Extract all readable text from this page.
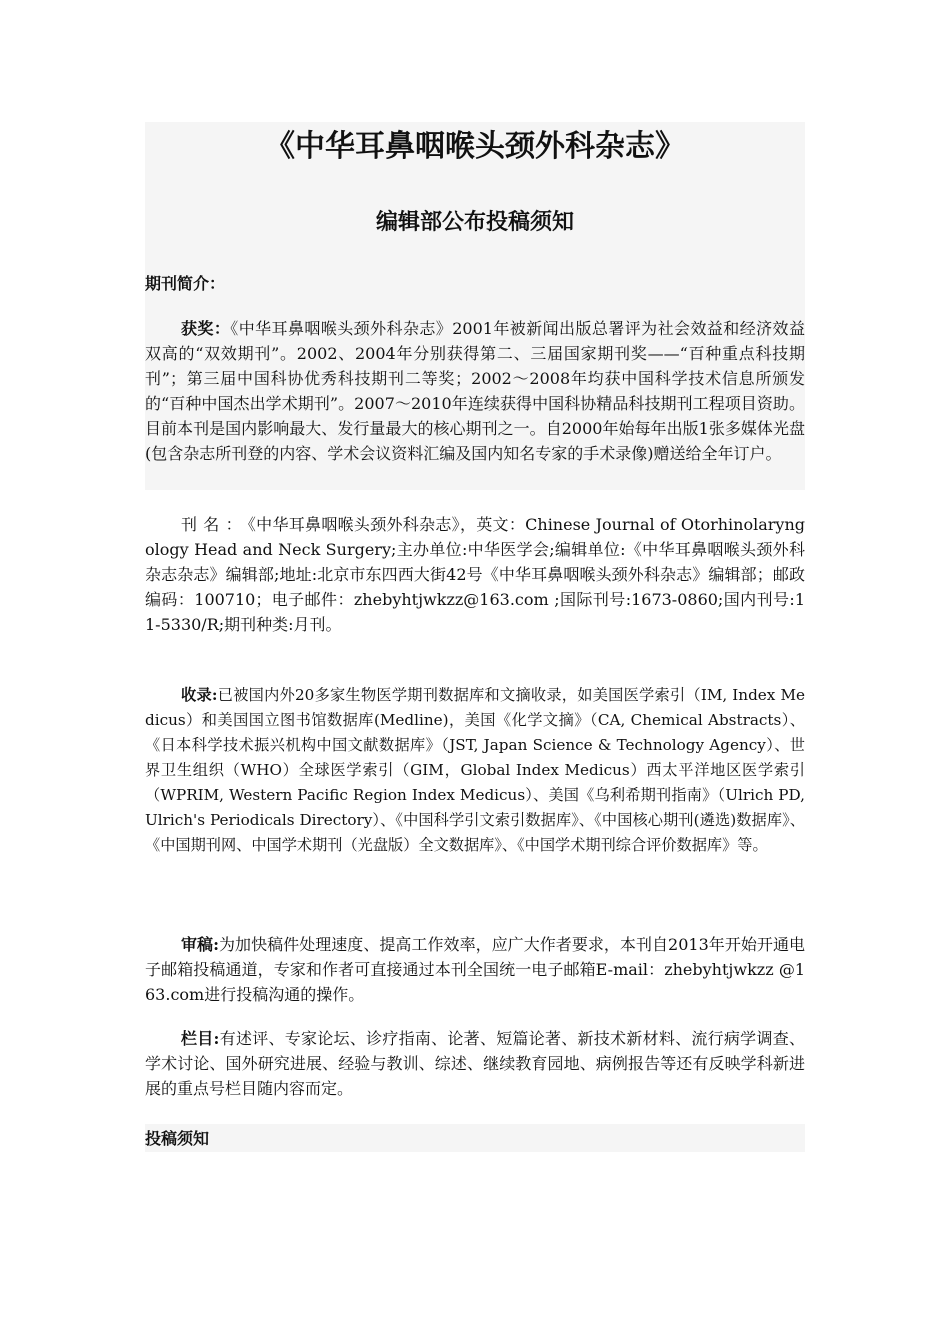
《中华耳鼻咽喉头颈外科杂志》
编辑部公布投稿须知

期刊简介：

获奖：《中华耳鼻咽喉头颈外科杂志》2001年被新闻出版总署评为社会效益和经济效益双高的“双效期刊”。2002、2004年分别获得第二、三届国家期刊奖——“百种重点科技期刊”；第三届中国科协优秀科技期刊二等奖；2002～2008年均获中国科学技术信息所颁发的“百种中国杰出学术期刊”。2007～2010年连续获得中国科协精品科技期刊工程项目资助。目前本刊是国内影响最大、发行量最大的核心期刊之一。自2000年始每年出版1张多媒体光盘(包含杂志所刊登的内容、学术会议资料汇编及国内知名专家的手术录像)赠送给全年订户。

刊名：《中华耳鼻咽喉头颈外科杂志》，英文：Chinese Journal of Otorhinolaryngology Head and Neck Surgery;主办单位:中华医学会;编辑单位:《中华耳鼻咽喉头颈外科杂志杂志》编辑部;地址:北京市东四西大街42号《中华耳鼻咽喉头颈外科杂志》编辑部；邮政编码：100710；电子邮件：zhebyhtjwkzz@163.com ;国际刊号:1673-0860;国内刊号:11-5330/R;期刊种类:月刊。

收录:已被国内外20多家生物医学期刊数据库和文摘收录，如美国医学索引（IM, Index Medicus）和美国国立图书馆数据库(Medline)，美国《化学文摘》（CA, Chemical Abstracts）、《日本科学技术振兴机构中国文献数据库》（JST, Japan Science & Technology Agency）、世界卫生组织（WHO）全球医学索引（GIM，Global Index Medicus）西太平洋地区医学索引（WPRIM, Western Pacific Region Index Medicus）、美国《乌利希期刊指南》（Ulrich PD, Ulrich's Periodicals Directory）、《中国科学引文索引数据库》、《中国核心期刊(遴选)数据库》、《中国期刊网、中国学术期刊（光盘版）全文数据库》、《中国学术期刊综合评价数据库》等。

审稿:为加快稿件处理速度、提高工作效率，应广大作者要求，本刊自2013年开始开通电子邮箱投稿通道，专家和作者可直接通过本刊全国统一电子邮箱E-mail：zhebyhtjwkzz @163.com进行投稿沟通的操作。

栏目:有述评、专家论坛、诊疗指南、论著、短篇论著、新技术新材料、流行病学调查、学术讨论、国外研究进展、经验与教训、综述、继续教育园地、病例报告等还有反映学科新进展的重点号栏目随内容而定。

投稿须知
